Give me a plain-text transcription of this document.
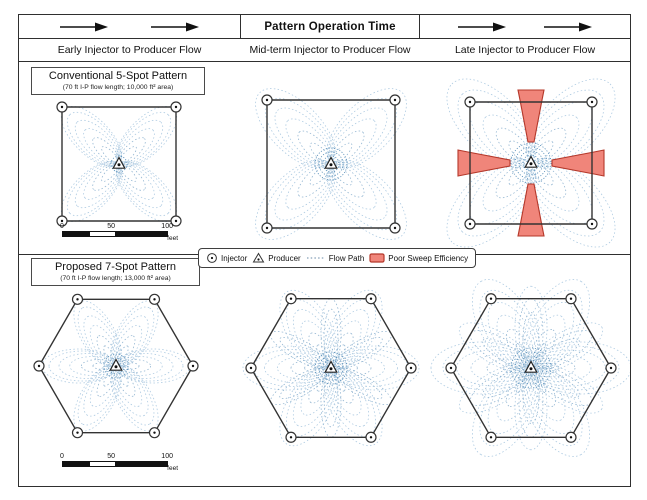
Pattern Operation Time
Early Injector to Producer Flow	Mid-term Injector to Producer Flow	Late Injector to Producer Flow
Conventional 5-Spot Pattern
(70 ft I-P flow length; 10,000 ft² area)
Proposed 7-Spot Pattern
(70 ft I-P flow length; 13,000 ft² area)
Injector	Producer	Flow Path	Poor Sweep Efficiency
0	50	100
feet
0	50	100
feet
